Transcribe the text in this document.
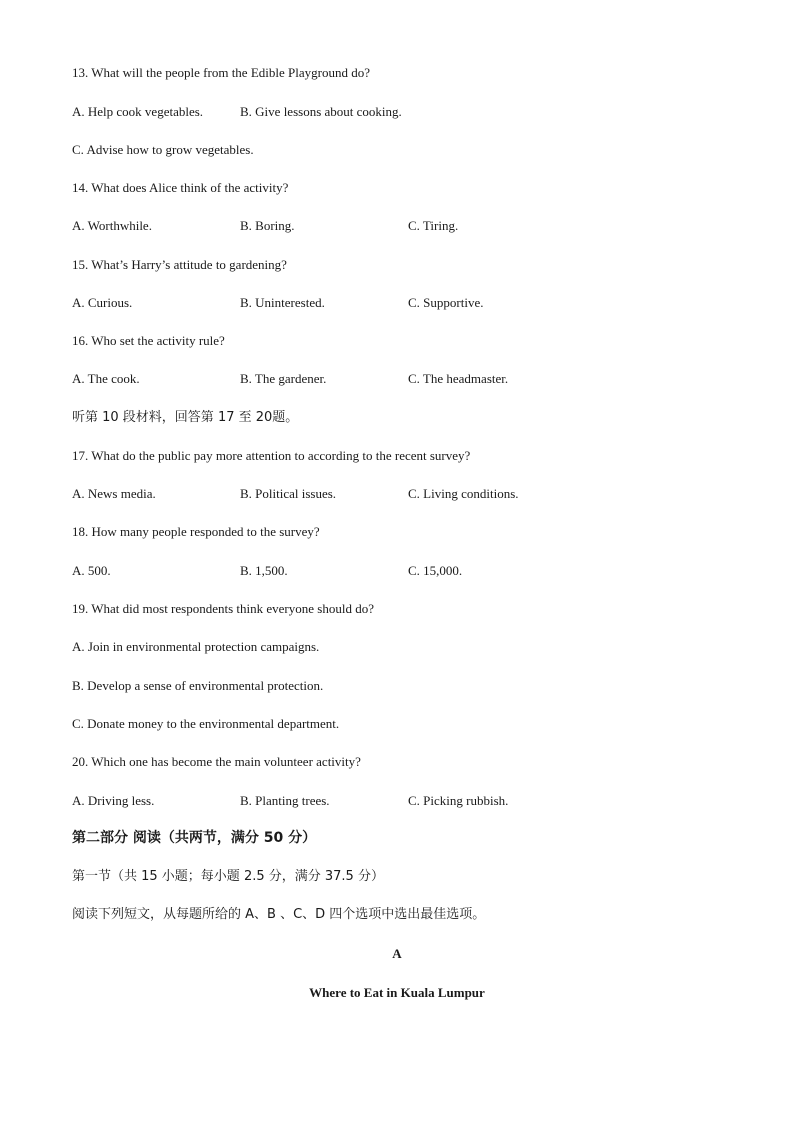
13. What will the people from the Edible Playground do?
A. Help cook vegetables.	B. Give lessons about cooking.
C. Advise how to grow vegetables.
14. What does Alice think of the activity?
A. Worthwhile.	B. Boring.	C. Tiring.
15. What’s Harry’s attitude to gardening?
A. Curious.	B. Uninterested.	C. Supportive.
16. Who set the activity rule?
A. The cook.	B. The gardener.	C. The headmaster.
听第 10 段材料，回答第 17 至 20题。
17. What do the public pay more attention to according to the recent survey?
A. News media.	B. Political issues.	C. Living conditions.
18. How many people responded to the survey?
A. 500.	B. 1,500.	C. 15,000.
19. What did most respondents think everyone should do?
A. Join in environmental protection campaigns.
B. Develop a sense of environmental protection.
C. Donate money to the environmental department.
20. Which one has become the main volunteer activity?
A. Driving less.	B. Planting trees.	C. Picking rubbish.
第二部分 阅读（共两节，满分 50 分）
第一节（共 15 小题；每小题 2.5 分，满分 37.5 分）
阅读下列短文，从每题所给的 A、B 、C、D 四个选项中选出最佳选项。
A
Where to Eat in Kuala Lumpur
